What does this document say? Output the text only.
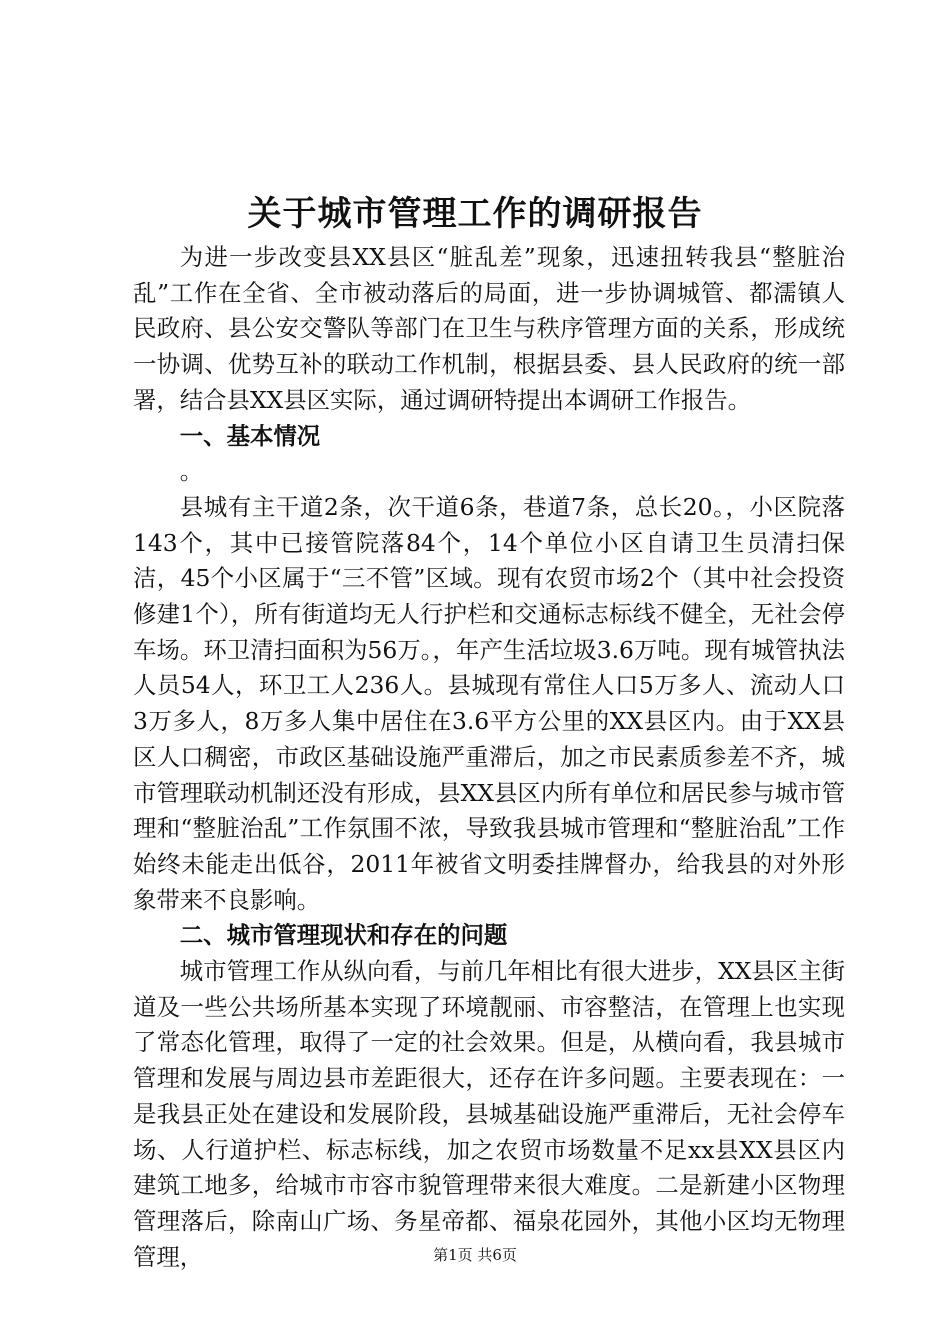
关于城市管理工作的调研报告

为进一步改变县XX县区“脏乱差”现象，迅速扭转我县“整脏治乱”工作在全省、全市被动落后的局面，进一步协调城管、都濡镇人民政府、县公安交警队等部门在卫生与秩序管理方面的关系，形成统一协调、优势互补的联动工作机制，根据县委、县人民政府的统一部署，结合县XX县区实际，通过调研特提出本调研工作报告。

一、基本情况

。

县城有主干道2条，次干道6条，巷道7条，总长20。，小区院落143个，其中已接管院落84个，14个单位小区自请卫生员清扫保洁，45个小区属于“三不管”区域。现有农贸市场2个（其中社会投资修建1个），所有街道均无人行护栏和交通标志标线不健全，无社会停车场。环卫清扫面积为56万。，年产生活垃圾3.6万吨。现有城管执法人员54人，环卫工人236人。县城现有常住人口5万多人、流动人口3万多人，8万多人集中居住在3.6平方公里的XX县区内。由于XX县区人口稠密，市政区基础设施严重滞后，加之市民素质参差不齐，城市管理联动机制还没有形成，县XX县区内所有单位和居民参与城市管理和“整脏治乱”工作氛围不浓，导致我县城市管理和“整脏治乱”工作始终未能走出低谷，2011年被省文明委挂牌督办，给我县的对外形象带来不良影响。

二、城市管理现状和存在的问题

城市管理工作从纵向看，与前几年相比有很大进步，XX县区主街道及一些公共场所基本实现了环境靓丽、市容整洁，在管理上也实现了常态化管理，取得了一定的社会效果。但是，从横向看，我县城市管理和发展与周边县市差距很大，还存在许多问题。主要表现在：一是我县正处在建设和发展阶段，县城基础设施严重滞后，无社会停车场、人行道护栏、标志标线，加之农贸市场数量不足xx县XX县区内建筑工地多，给城市市容市貌管理带来很大难度。二是新建小区物理管理落后，除南山广场、务星帝都、福泉花园外，其他小区均无物理管理，	第1页 共6页
